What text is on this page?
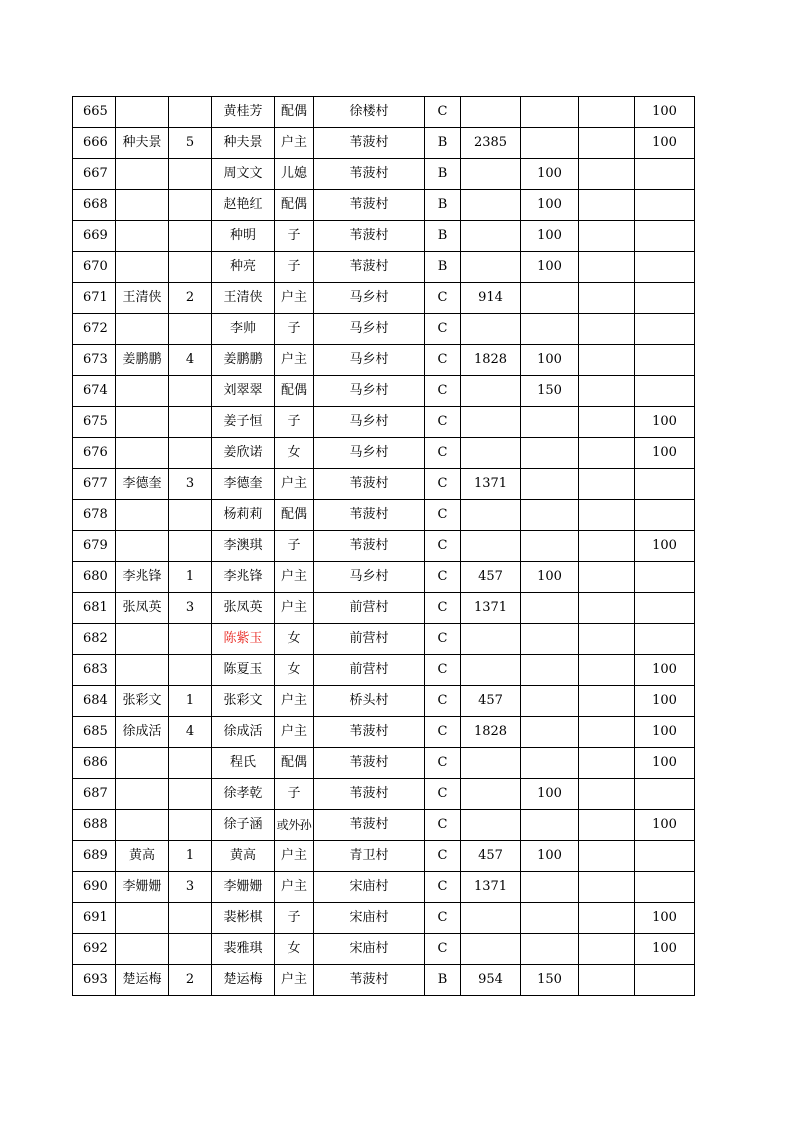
665			黄桂芳	配偶	徐楼村	C				100
666	种夫景	5	种夫景	户主	苇菠村	B	2385			100
667			周文文	儿媳	苇菠村	B		100		
668			赵艳红	配偶	苇菠村	B		100		
669			种明	子	苇菠村	B		100		
670			种亮	子	苇菠村	B		100		
671	王清侠	2	王清侠	户主	马乡村	C	914			
672			李帅	子	马乡村	C				
673	姜鹏鹏	4	姜鹏鹏	户主	马乡村	C	1828	100		
674			刘翠翠	配偶	马乡村	C		150		
675			姜子恒	子	马乡村	C				100
676			姜欣诺	女	马乡村	C				100
677	李德奎	3	李德奎	户主	苇菠村	C	1371			
678			杨莉莉	配偶	苇菠村	C				
679			李澳琪	子	苇菠村	C				100
680	李兆锋	1	李兆锋	户主	马乡村	C	457	100		
681	张凤英	3	张凤英	户主	前营村	C	1371			
682			陈紫玉	女	前营村	C				
683			陈夏玉	女	前营村	C				100
684	张彩文	1	张彩文	户主	桥头村	C	457			100
685	徐成活	4	徐成活	户主	苇菠村	C	1828			100
686			程氏	配偶	苇菠村	C				100
687			徐孝乾	子	苇菠村	C		100		
688			徐子涵	或外孙	苇菠村	C				100
689	黄高	1	黄高	户主	青卫村	C	457	100		
690	李姗姗	3	李姗姗	户主	宋庙村	C	1371			
691			裴彬棋	子	宋庙村	C				100
692			裴雅琪	女	宋庙村	C				100
693	楚运梅	2	楚运梅	户主	苇菠村	B	954	150		
